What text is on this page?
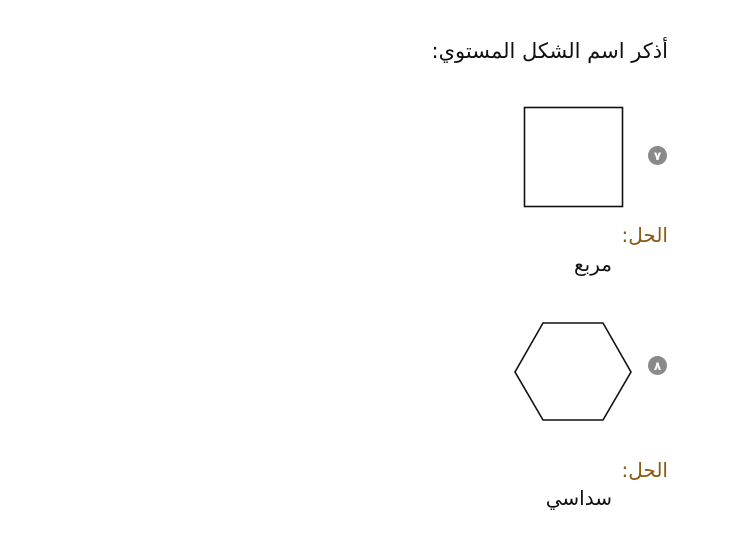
أذكر اسم الشكل المستوي:
٧
الحل:
مربع
٨
الحل:
سداسي
